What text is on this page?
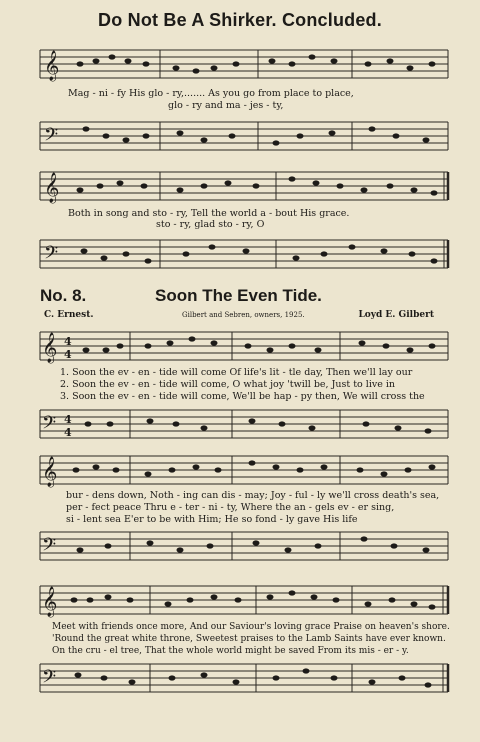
Do Not Be A Shirker. Concluded.
𝄞
Mag - ni - fy His glo - ry,....... As you go from place to place,
glo - ry and ma - jes - ty,
𝄢
𝄞
Both in song and sto - ry, Tell the world a - bout His grace.
sto - ry, glad sto - ry, O
𝄢
No. 8.	Soon The Even Tide.
C. Ernest.	Gilbert and Sebren, owners, 1925.	Loyd E. Gilbert
𝄞 4
4
1. Soon the ev - en - tide will come Of life's lit - tle day, Then we'll lay our
2. Soon the ev - en - tide will come, O what joy 'twill be, Just to live in
3. Soon the ev - en - tide will come, We'll be hap - py then, We will cross the
𝄢 4
4
𝄞
bur - dens down, Noth - ing can dis - may; Joy - ful - ly we'll cross death's sea,
per - fect peace Thru e - ter - ni - ty, Where the an - gels ev - er sing,
si - lent sea E'er to be with Him; He so fond - ly gave His life
𝄢
𝄞
Meet with friends once more, And our Saviour's loving grace Praise on heaven's shore.
'Round the great white throne, Sweetest praises to the Lamb Saints have ever known.
On the cru - el tree, That the whole world might be saved From its mis - er - y.
𝄢
